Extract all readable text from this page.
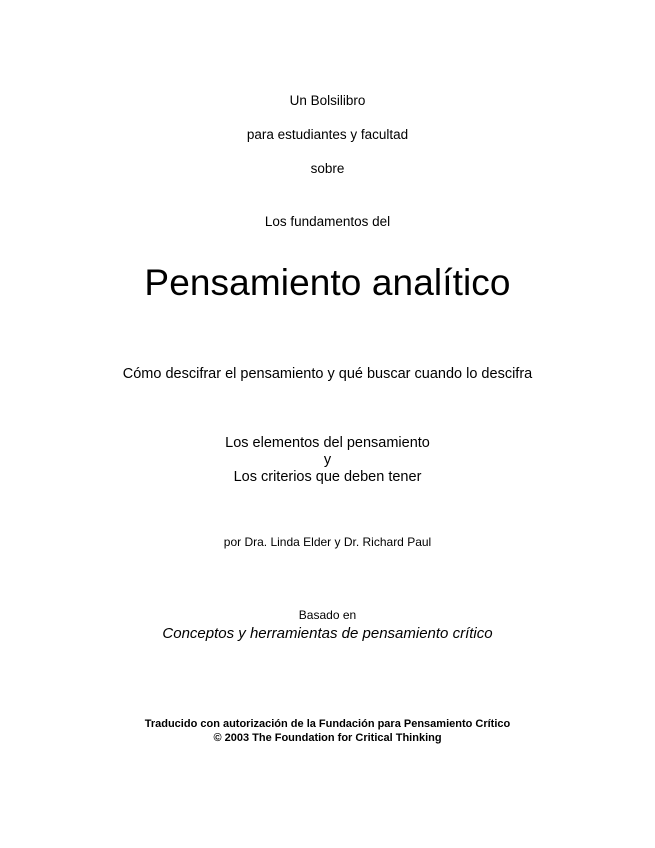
Un Bolsilibro
para estudiantes y facultad
sobre
Los fundamentos del
Pensamiento analítico
Cómo descifrar el pensamiento y qué buscar cuando lo descifra
Los elementos del pensamiento
y
Los criterios que deben tener
por Dra. Linda Elder y Dr. Richard Paul
Basado en
Conceptos y herramientas de pensamiento crítico
Traducido con autorización de la Fundación para Pensamiento Crítico
© 2003 The Foundation for Critical Thinking
